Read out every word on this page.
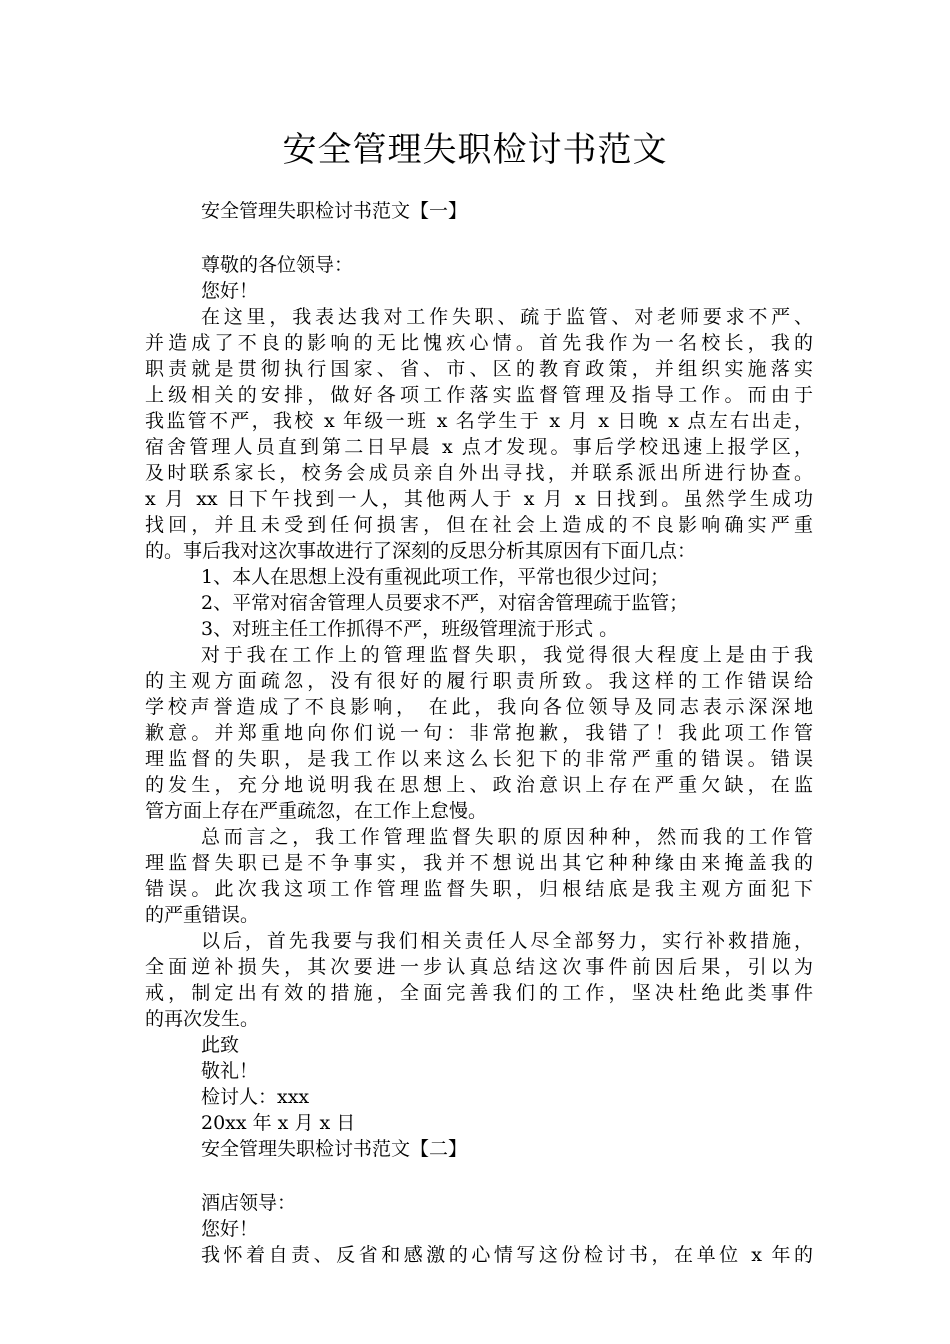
安全管理失职检讨书范文
安全管理失职检讨书范文【一】
尊敬的各位领导：
您好！
在这里，我表达我对工作失职、疏于监管、对老师要求不严、
并造成了不良的影响的无比愧疚心情。首先我作为一名校长，我的
职责就是贯彻执行国家、省、市、区的教育政策，并组织实施落实
上级相关的安排，做好各项工作落实监督管理及指导工作。而由于
我监管不严，我校 x 年级一班 x 名学生于 x 月 x 日晚 x 点左右出走，
宿舍管理人员直到第二日早晨 x 点才发现。事后学校迅速上报学区，
及时联系家长，校务会成员亲自外出寻找，并联系派出所进行协查。
x 月 xx 日下午找到一人，其他两人于 x 月 x 日找到。虽然学生成功
找回，并且未受到任何损害，但在社会上造成的不良影响确实严重
的。事后我对这次事故进行了深刻的反思分析其原因有下面几点：
1、本人在思想上没有重视此项工作，平常也很少过问；
2、平常对宿舍管理人员要求不严，对宿舍管理疏于监管；
3、对班主任工作抓得不严，班级管理流于形式 。
对于我在工作上的管理监督失职，我觉得很大程度上是由于我
的主观方面疏忽，没有很好的履行职责所致。我这样的工作错误给
学校声誉造成了不良影响， 在此，我向各位领导及同志表示深深地
歉意。并郑重地向你们说一句：非常抱歉，我错了！我此项工作管
理监督的失职，是我工作以来这么长犯下的非常严重的错误。错误
的发生，充分地说明我在思想上、政治意识上存在严重欠缺，在监
管方面上存在严重疏忽，在工作上怠慢。
总而言之，我工作管理监督失职的原因种种，然而我的工作管
理监督失职已是不争事实，我并不想说出其它种种缘由来掩盖我的
错误。此次我这项工作管理监督失职，归根结底是我主观方面犯下
的严重错误。
以后，首先我要与我们相关责任人尽全部努力，实行补救措施，
全面逆补损失，其次要进一步认真总结这次事件前因后果，引以为
戒，制定出有效的措施，全面完善我们的工作，坚决杜绝此类事件
的再次发生。
此致
敬礼！
检讨人：xxx
20xx 年 x 月 x 日
安全管理失职检讨书范文【二】
酒店领导：
您好！
我怀着自责、反省和感激的心情写这份检讨书，在单位 x 年的
